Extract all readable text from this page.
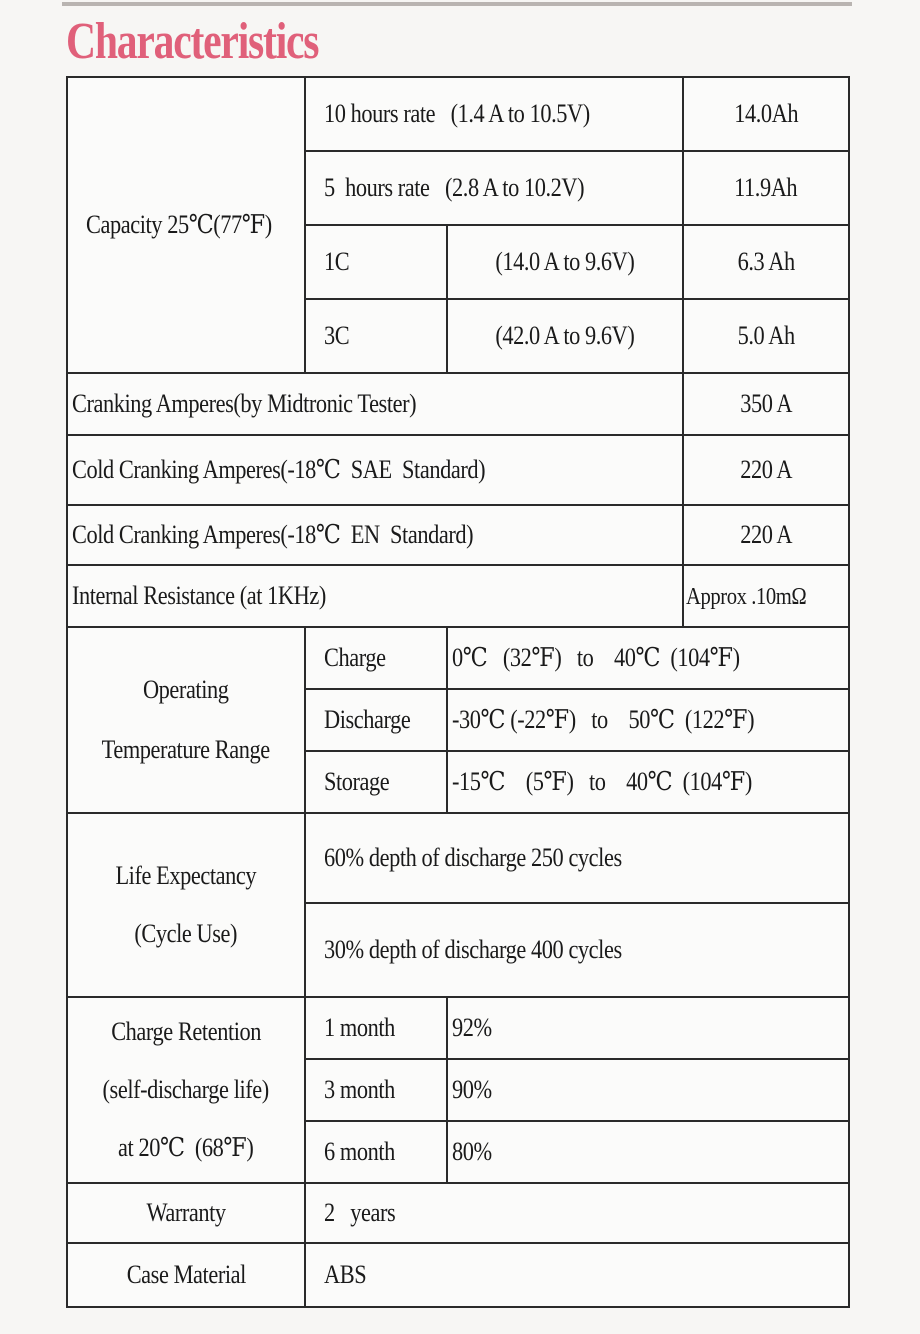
Characteristics
Capacity 25℃(77℉)	10 hours rate (1.4 A to 10.5V)		14.0Ah
	5  hours rate (2.8 A to 10.2V)		11.9Ah
	1C	(14.0 A to 9.6V)	6.3 Ah
	3C	(42.0 A to 9.6V)	5.0 Ah
Cranking Amperes(by Midtronic Tester)			350 A
Cold Cranking Amperes(-18℃  SAE  Standard)			220 A
Cold Cranking Amperes(-18℃  EN  Standard)			220 A
Internal Resistance (at 1KHz)			Approx .10mΩ

Operating
Temperature Range	Charge	0℃   (32℉)   to    40℃  (104℉)	
	Discharge	-30℃ (-22℉)   to    50℃  (122℉)	
	Storage	-15℃    (5℉)   to    40℃  (104℉)	

Life Expectancy
(Cycle Use)	60% depth of discharge 250 cycles		
	30% depth of discharge 400 cycles		

Charge Retention
(self-discharge life)
at 20℃  (68℉)	1 month	92%	
	3 month	90%	
	6 month	80%	
Warranty	2   years		
Case Material	ABS		
